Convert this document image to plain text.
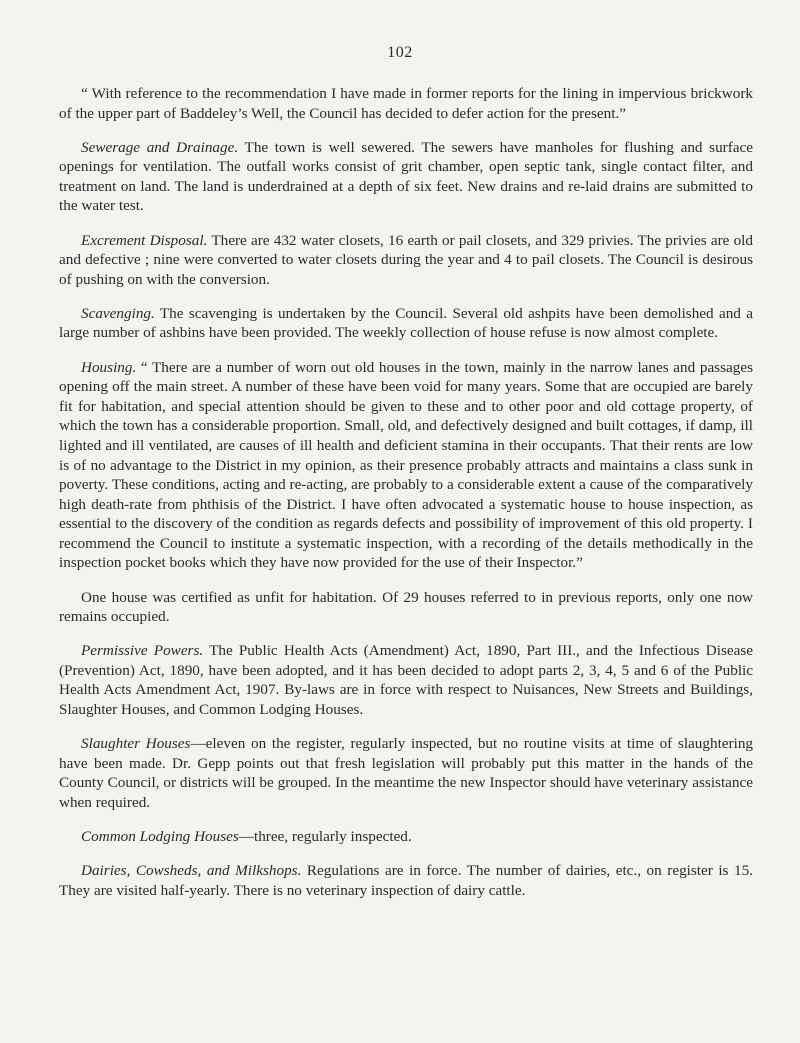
102

“ With reference to the recommendation I have made in former reports for the lining in impervious brickwork of the upper part of Baddeley’s Well, the Council has decided to defer action for the present.”

Sewerage and Drainage. The town is well sewered. The sewers have manholes for flushing and surface openings for ventilation. The outfall works consist of grit chamber, open septic tank, single contact filter, and treatment on land. The land is underdrained at a depth of six feet. New drains and re-laid drains are submitted to the water test.

Excrement Disposal. There are 432 water closets, 16 earth or pail closets, and 329 privies. The privies are old and defective ; nine were converted to water closets during the year and 4 to pail closets. The Council is desirous of pushing on with the conversion.

Scavenging. The scavenging is undertaken by the Council. Several old ashpits have been demolished and a large number of ashbins have been provided. The weekly collection of house refuse is now almost complete.

Housing. “ There are a number of worn out old houses in the town, mainly in the narrow lanes and passages opening off the main street. A number of these have been void for many years. Some that are occupied are barely fit for habitation, and special attention should be given to these and to other poor and old cottage property, of which the town has a considerable proportion. Small, old, and defectively designed and built cottages, if damp, ill lighted and ill ventilated, are causes of ill health and deficient stamina in their occupants. That their rents are low is of no advantage to the District in my opinion, as their presence probably attracts and maintains a class sunk in poverty. These conditions, acting and re-acting, are probably to a considerable extent a cause of the comparatively high death-rate from phthisis of the District. I have often advocated a systematic house to house inspection, as essential to the discovery of the condition as regards defects and possibility of improvement of this old property. I recommend the Council to institute a systematic inspection, with a recording of the details methodically in the inspection pocket books which they have now provided for the use of their Inspector.”

One house was certified as unfit for habitation. Of 29 houses referred to in previous reports, only one now remains occupied.

Permissive Powers. The Public Health Acts (Amendment) Act, 1890, Part III., and the Infectious Disease (Prevention) Act, 1890, have been adopted, and it has been decided to adopt parts 2, 3, 4, 5 and 6 of the Public Health Acts Amendment Act, 1907. By-laws are in force with respect to Nuisances, New Streets and Buildings, Slaughter Houses, and Common Lodging Houses.

Slaughter Houses—eleven on the register, regularly inspected, but no routine visits at time of slaughtering have been made. Dr. Gepp points out that fresh legislation will probably put this matter in the hands of the County Council, or districts will be grouped. In the meantime the new Inspector should have veterinary assistance when required.

Common Lodging Houses—three, regularly inspected.

Dairies, Cowsheds, and Milkshops. Regulations are in force. The number of dairies, etc., on register is 15. They are visited half-yearly. There is no veterinary inspection of dairy cattle.
